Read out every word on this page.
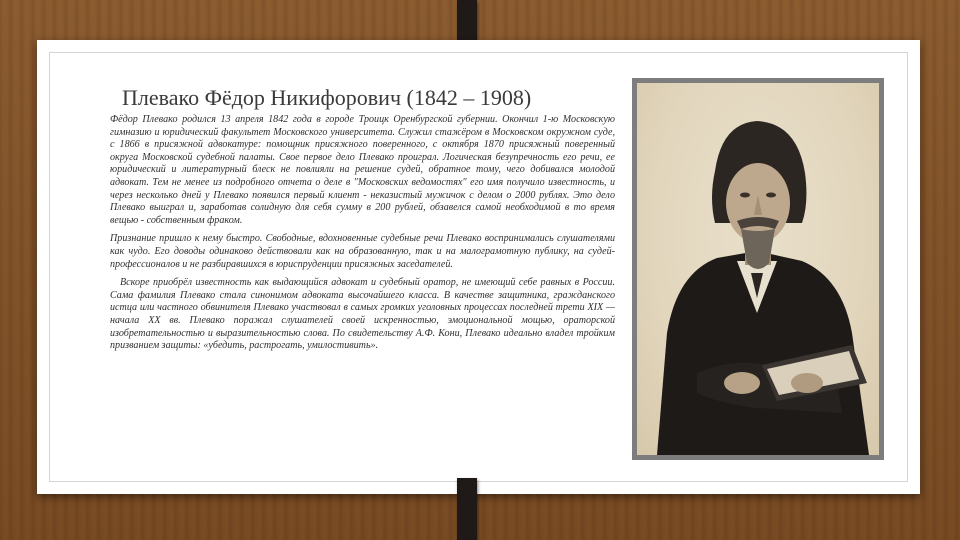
Плевако Фёдор Никифорович (1842 – 1908)

Фёдор Плевако родился 13 апреля 1842 года в городе Троицк Оренбургской губернии. Окончил 1-ю Московскую гимназию и юридический факультет Московского университета. Служил стажёром в Московском окружном суде, с 1866 в присяжной адвокатуре: помощник присяжного поверенного, с октября 1870 присяжный поверенный округа Московской судебной палаты. Свое первое дело Плевако проиграл. Логическая безупречность его речи, ее юридический и литературный блеск не повлияли на решение судей, обратное тому, чего добивался молодой адвокат. Тем не менее из подробного отчета о деле в "Московских ведомостях" его имя получило известность, и через несколько дней у Плевако появился первый клиент - неказистый мужичок с делом о 2000 рублях. Это дело Плевако выиграл и, заработав солидную для себя сумму в 200 рублей, обзавелся самой необходимой в то время вещью - собственным фраком.

Признание пришло к нему быстро. Свободные, вдохновенные судебные речи Плевако воспринимались слушателями как чудо. Его доводы одинаково действовали как на образованную, так и на малограмотную публику, на судей-профессионалов и не разбиравшихся в юриспруденции присяжных заседателей.

Вскоре приобрёл известность как выдающийся адвокат и судебный оратор, не имеющий себе равных в России. Сама фамилия Плевако стала синонимом адвоката высочайшего класса. В качестве защитника, гражданского истца или частного обвинителя Плевако участвовал в самых громких уголовных процессах последней трети XIX — начала XX вв. Плевако поражал слушателей своей искренностью, эмоциональной мощью, ораторской изобретательностью и выразительностью слова. По свидетельству А.Ф. Кони, Плевако идеально владел тройким призванием защиты: «убедить, растрогать, умилостивить».
